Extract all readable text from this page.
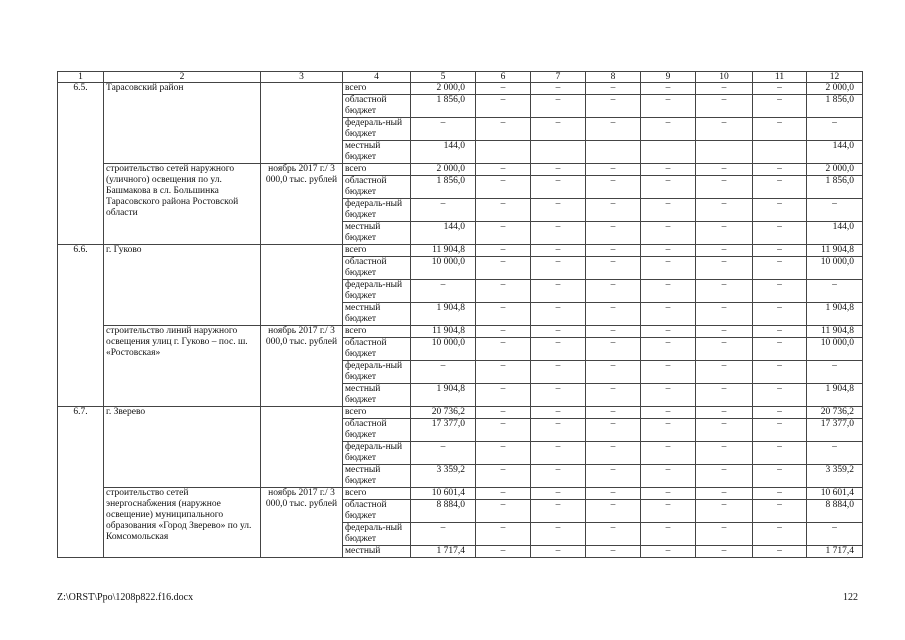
1	2	3	4	5	6	7	8	9	10	11	12
6.5.	Тарасовский район		всего	2 000,0	–	–	–	–	–	–	2 000,0
			областной бюджет	1 856,0	–	–	–	–	–	–	1 856,0
			федераль-ный бюджет	–	–	–	–	–	–	–	–
			местный бюджет	144,0							144,0
	строительство сетей наружного (уличного) освещения по ул. Башмакова в сл. Большинка Тарасовского района Ростовской области	ноябрь 2017 г./ 3 000,0 тыс. рублей	всего	2 000,0	–	–	–	–	–	–	2 000,0
			областной бюджет	1 856,0	–	–	–	–	–	–	1 856,0
			федераль-ный бюджет	–	–	–	–	–	–	–	–
			местный бюджет	144,0	–	–	–	–	–	–	144,0
6.6.	г. Гуково		всего	11 904,8	–	–	–	–	–	–	11 904,8
			областной бюджет	10 000,0	–	–	–	–	–	–	10 000,0
			федераль-ный бюджет	–	–	–	–	–	–	–	–
			местный бюджет	1 904,8	–	–	–	–	–	–	1 904,8
	строительство линий наружного освещения улиц г. Гуково – пос. ш. «Ростовская»	ноябрь 2017 г./ 3 000,0 тыс. рублей	всего	11 904,8	–	–	–	–	–	–	11 904,8
			областной бюджет	10 000,0	–	–	–	–	–	–	10 000,0
			федераль-ный бюджет	–	–	–	–	–	–	–	–
			местный бюджет	1 904,8	–	–	–	–	–	–	1 904,8
6.7.	г. Зверево		всего	20 736,2	–	–	–	–	–	–	20 736,2
			областной бюджет	17 377,0	–	–	–	–	–	–	17 377,0
			федераль-ный бюджет	–	–	–	–	–	–	–	–
			местный бюджет	3 359,2	–	–	–	–	–	–	3 359,2
	строительство сетей энергоснабжения (наружное освещение) муниципального образования «Город Зверево» по ул. Комсомольская	ноябрь 2017 г./ 3 000,0 тыс. рублей	всего	10 601,4	–	–	–	–	–	–	10 601,4
			областной бюджет	8 884,0	–	–	–	–	–	–	8 884,0
			федераль-ный бюджет	–	–	–	–	–	–	–	–
			местный	1 717,4	–	–	–	–	–	–	1 717,4
Z:\ORST\Ppo\1208p822.f16.docx	122
